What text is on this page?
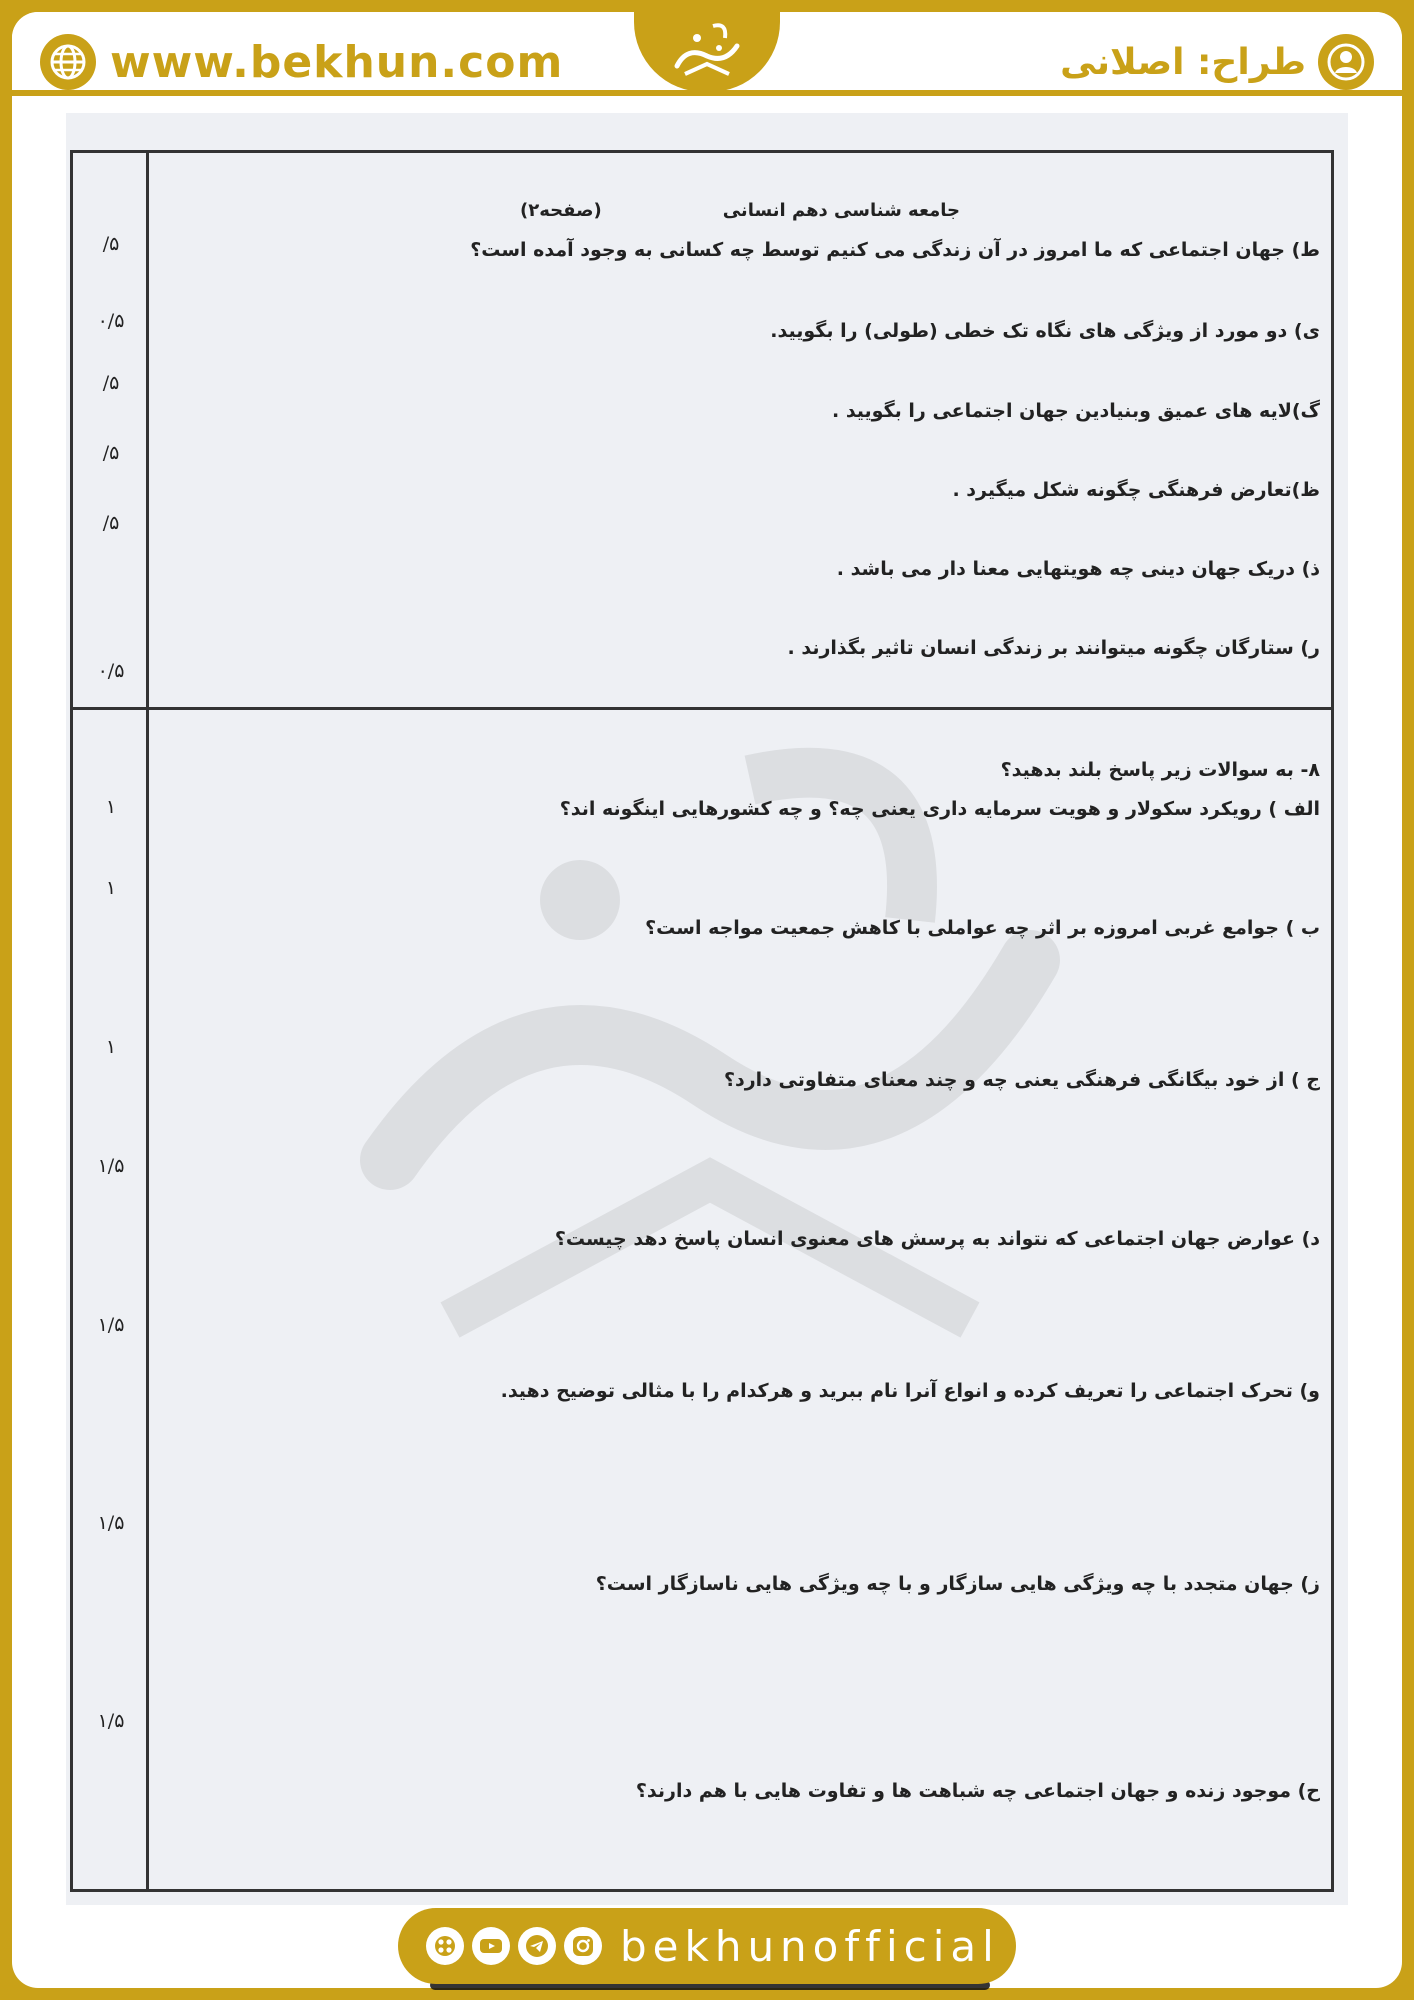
www.bekhun.com	طراح: اصلانی
جامعه شناسی دهم انسانی
(صفحه۲)
ط) جهان اجتماعی که ما امروز در آن زندگی می کنیم توسط چه کسانی به وجود آمده است؟
ی) دو مورد از ویژگی های نگاه تک خطی (طولی) را بگویید.
گ)لایه های عمیق وبنیادین جهان اجتماعی را بگویید .
ظ)تعارض فرهنگی چگونه شکل میگیرد .
ذ) دریک جهان دینی چه هویتهایی معنا دار می باشد .
ر) ستارگان چگونه میتوانند بر زندگی انسان تاثیر بگذارند .
/۵
۰/۵
/۵
/۵
/۵
۰/۵
۸- به سوالات زیر پاسخ بلند بدهید؟
الف ) رویکرد سکولار و هویت سرمایه داری یعنی چه؟ و چه کشورهایی اینگونه اند؟
ب ) جوامع غربی امروزه بر اثر چه عواملی با کاهش جمعیت مواجه است؟
ج ) از خود بیگانگی فرهنگی یعنی چه و چند معنای متفاوتی دارد؟
د) عوارض جهان اجتماعی که نتواند به پرسش های معنوی انسان پاسخ دهد چیست؟
و) تحرک اجتماعی را تعریف کرده و انواع آنرا نام ببرید و هرکدام را با مثالی توضیح دهید.
ز) جهان متجدد با چه ویژگی هایی سازگار و با چه ویژگی هایی ناسازگار است؟
ح) موجود زنده و جهان اجتماعی چه شباهت ها و تفاوت هایی با هم دارند؟
۱
۱
۱
۱/۵
۱/۵
۱/۵
۱/۵
bekhunofficial
